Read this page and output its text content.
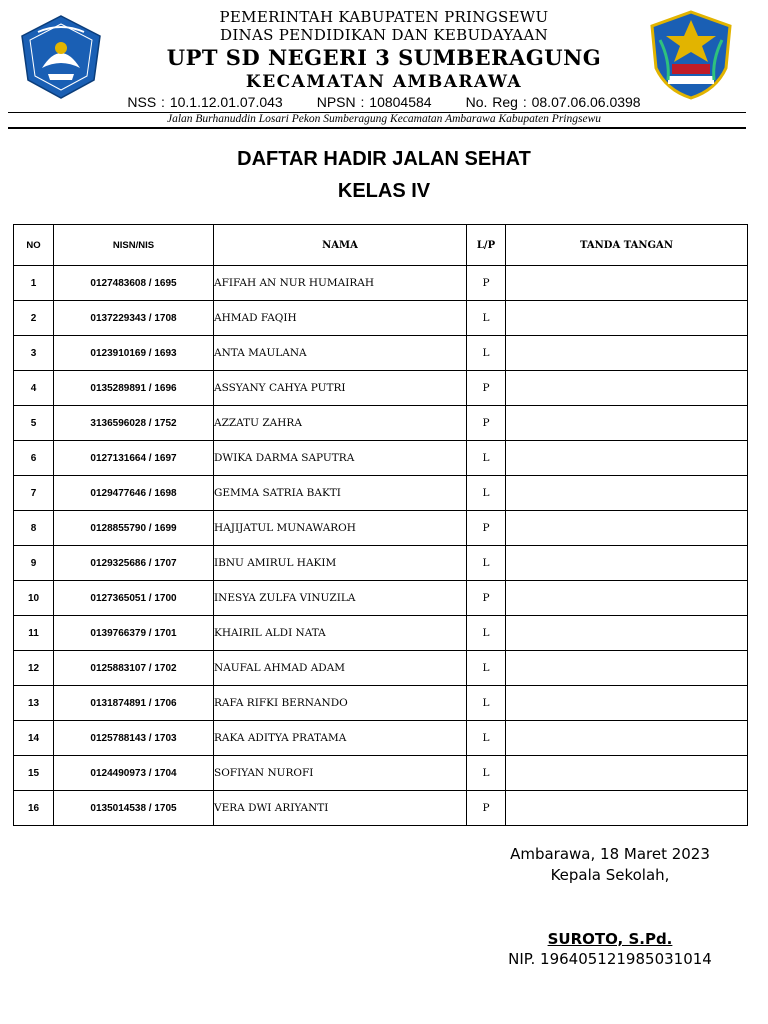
PEMERINTAH KABUPATEN PRINGSEWU
DINAS PENDIDIKAN DAN KEBUDAYAAN
UPT SD NEGERI 3 SUMBERAGUNG
KECAMATAN AMBARAWA
NSS : 10.1.12.01.07.043 NPSN : 10804584 No. Reg : 08.07.06.06.0398
Jalan Burhanuddin Losari Pekon Sumberagung Kecamatan Ambarawa Kabupaten Pringsewu
DAFTAR HADIR JALAN SEHAT
KELAS IV
NO	NISN/NIS	NAMA	L/P	TANDA TANGAN
1	0127483608 / 1695	AFIFAH AN NUR HUMAIRAH	P	
2	0137229343 / 1708	AHMAD FAQIH	L	
3	0123910169 / 1693	ANTA MAULANA	L	
4	0135289891 / 1696	ASSYANY CAHYA PUTRI	P	
5	3136596028 / 1752	AZZATU ZAHRA	P	
6	0127131664 / 1697	DWIKA DARMA SAPUTRA	L	
7	0129477646 / 1698	GEMMA SATRIA BAKTI	L	
8	0128855790 / 1699	HAJIJATUL MUNAWAROH	P	
9	0129325686 / 1707	IBNU AMIRUL HAKIM	L	
10	0127365051 / 1700	INESYA ZULFA VINUZILA	P	
11	0139766379 / 1701	KHAIRIL ALDI NATA	L	
12	0125883107 / 1702	NAUFAL AHMAD ADAM	L	
13	0131874891 / 1706	RAFA RIFKI BERNANDO	L	
14	0125788143 / 1703	RAKA ADITYA PRATAMA	L	
15	0124490973 / 1704	SOFIYAN NUROFI	L	
16	0135014538 / 1705	VERA DWI ARIYANTI	P	
Ambarawa, 18 Maret 2023
Kepala Sekolah,
SUROTO, S.Pd.
NIP. 196405121985031014
